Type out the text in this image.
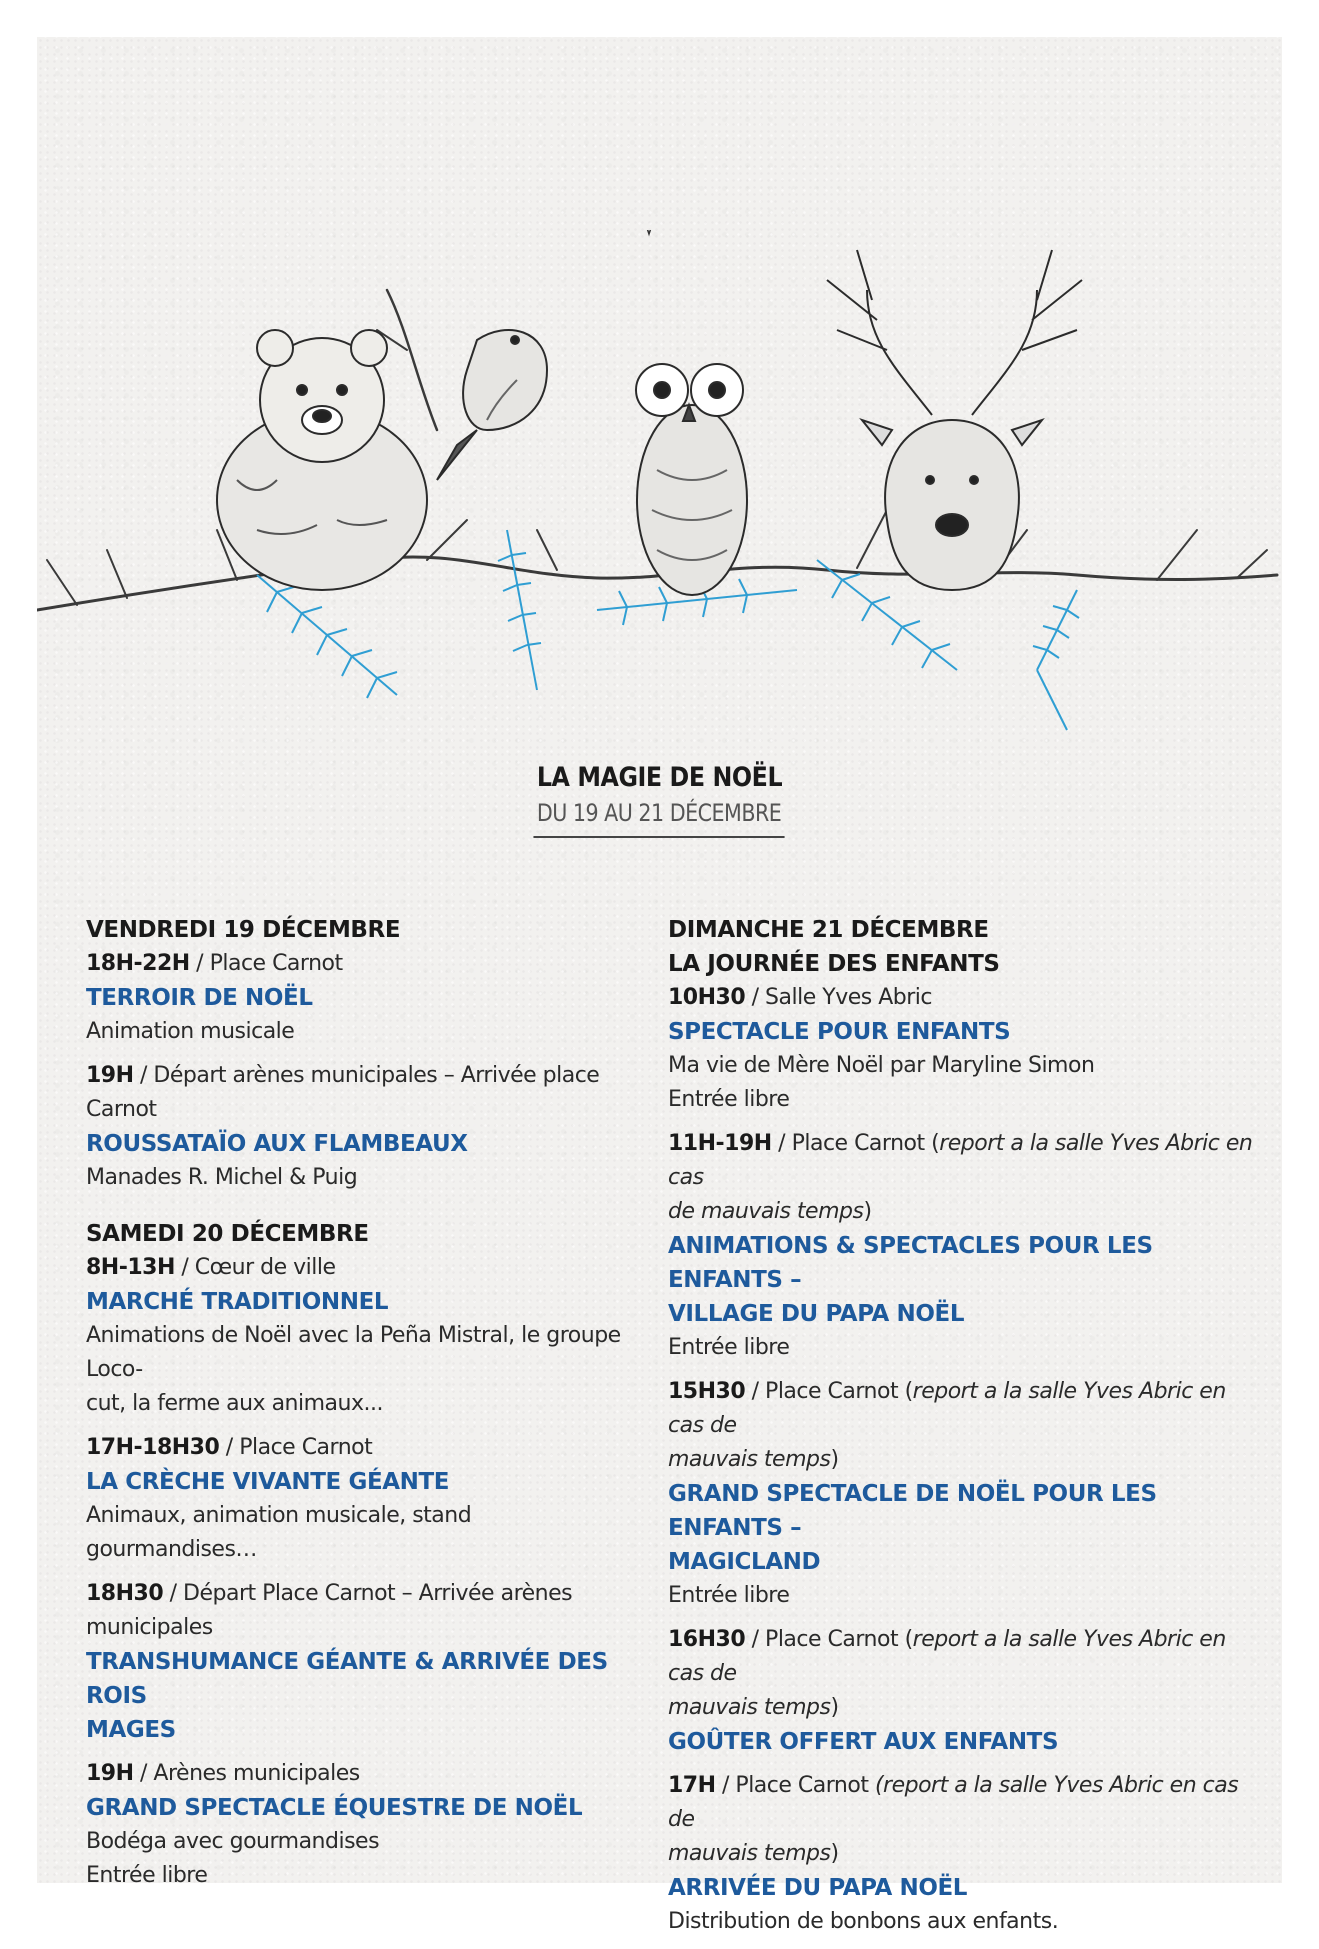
LA MAGIE DE NOËL
DU 19 AU 21 DÉCEMBRE
VENDREDI 19 DÉCEMBRE
18H-22H / Place Carnot
TERROIR DE NOËL
Animation musicale
19H / Départ arènes municipales – Arrivée place Carnot
ROUSSATAÏO AUX FLAMBEAUX
Manades R. Michel & Puig
SAMEDI 20 DÉCEMBRE
8H-13H / Cœur de ville
MARCHÉ TRADITIONNEL
Animations de Noël avec la Peña Mistral, le groupe Loco-
cut, la ferme aux animaux...
17H-18H30 / Place Carnot
LA CRÈCHE VIVANTE GÉANTE
Animaux, animation musicale, stand gourmandises…
18H30 / Départ Place Carnot – Arrivée arènes municipales
TRANSHUMANCE GÉANTE & ARRIVÉE DES ROIS
MAGES
19H / Arènes municipales
GRAND SPECTACLE ÉQUESTRE DE NOËL
Bodéga avec gourmandises
Entrée libre
DIMANCHE 21 DÉCEMBRE
LA JOURNÉE DES ENFANTS
10H30 / Salle Yves Abric
SPECTACLE POUR ENFANTS
Ma vie de Mère Noël par Maryline Simon
Entrée libre
11H-19H / Place Carnot (report a la salle Yves Abric en cas
de mauvais temps)
ANIMATIONS & SPECTACLES POUR LES ENFANTS –
VILLAGE DU PAPA NOËL
Entrée libre
15H30 / Place Carnot (report a la salle Yves Abric en cas de
mauvais temps)
GRAND SPECTACLE DE NOËL POUR LES ENFANTS –
MAGICLAND
Entrée libre
16H30 / Place Carnot (report a la salle Yves Abric en cas de
mauvais temps)
GOÛTER OFFERT AUX ENFANTS
17H / Place Carnot (report a la salle Yves Abric en cas de
mauvais temps)
ARRIVÉE DU PAPA NOËL
Distribution de bonbons aux enfants.
